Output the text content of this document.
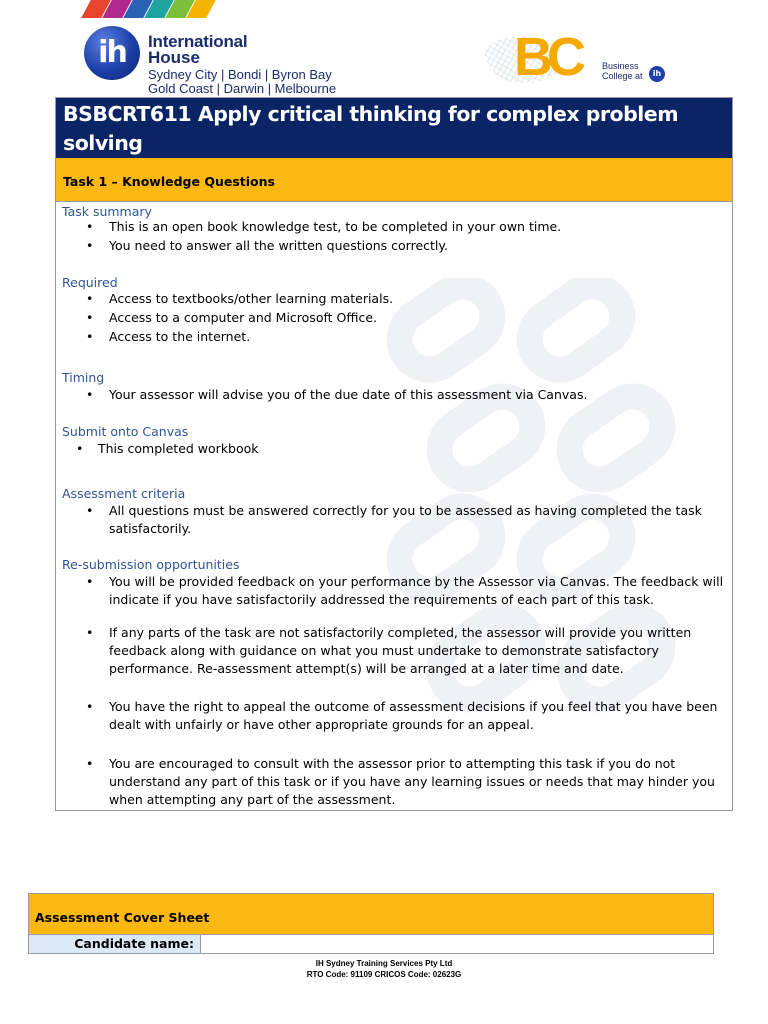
ih	International
House
Sydney City | Bondi | Byron Bay
Gold Coast | Darwin | Melbourne
BC Business
College at	ih
BSBCRT611 Apply critical thinking for complex problem solving
Task 1 – Knowledge Questions
Task summary
• This is an open book knowledge test, to be completed in your own time.
• You need to answer all the written questions correctly.
Required
• Access to textbooks/other learning materials.
• Access to a computer and Microsoft Office.
• Access to the internet.
Timing
• Your assessor will advise you of the due date of this assessment via Canvas.
Submit onto Canvas
• This completed workbook
Assessment criteria
• All questions must be answered correctly for you to be assessed as having completed the task satisfactorily.
Re-submission opportunities
• You will be provided feedback on your performance by the Assessor via Canvas. The feedback will indicate if you have satisfactorily addressed the requirements of each part of this task.
• If any parts of the task are not satisfactorily completed, the assessor will provide you written feedback along with guidance on what you must undertake to demonstrate satisfactory performance. Re-assessment attempt(s) will be arranged at a later time and date.
• You have the right to appeal the outcome of assessment decisions if you feel that you have been dealt with unfairly or have other appropriate grounds for an appeal.
• You are encouraged to consult with the assessor prior to attempting this task if you do not understand any part of this task or if you have any learning issues or needs that may hinder you when attempting any part of the assessment.
Assessment Cover Sheet
Candidate name:
IH Sydney Training Services Pty Ltd
RTO Code: 91109 CRICOS Code: 02623G
